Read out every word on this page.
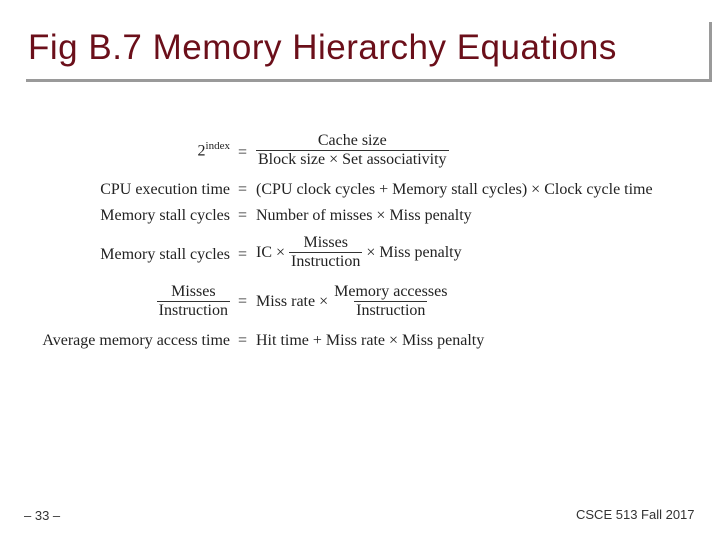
Fig B.7 Memory Hierarchy Equations
$2^{index} = \frac{\text{Cache size}}{\text{Block size × Set associativity}}$
CPU execution time = (CPU clock cycles + Memory stall cycles) × Clock cycle time
Memory stall cycles = Number of misses × Miss penalty
Memory stall cycles = IC × $\frac{\text{Misses}}{\text{Instruction}}$ × Miss penalty
$\frac{\text{Misses}}{\text{Instruction}}$ = Miss rate × $\frac{\text{Memory accesses}}{\text{Instruction}}$
Average memory access time = Hit time + Miss rate × Miss penalty
– 33 –	CSCE 513 Fall 2017
